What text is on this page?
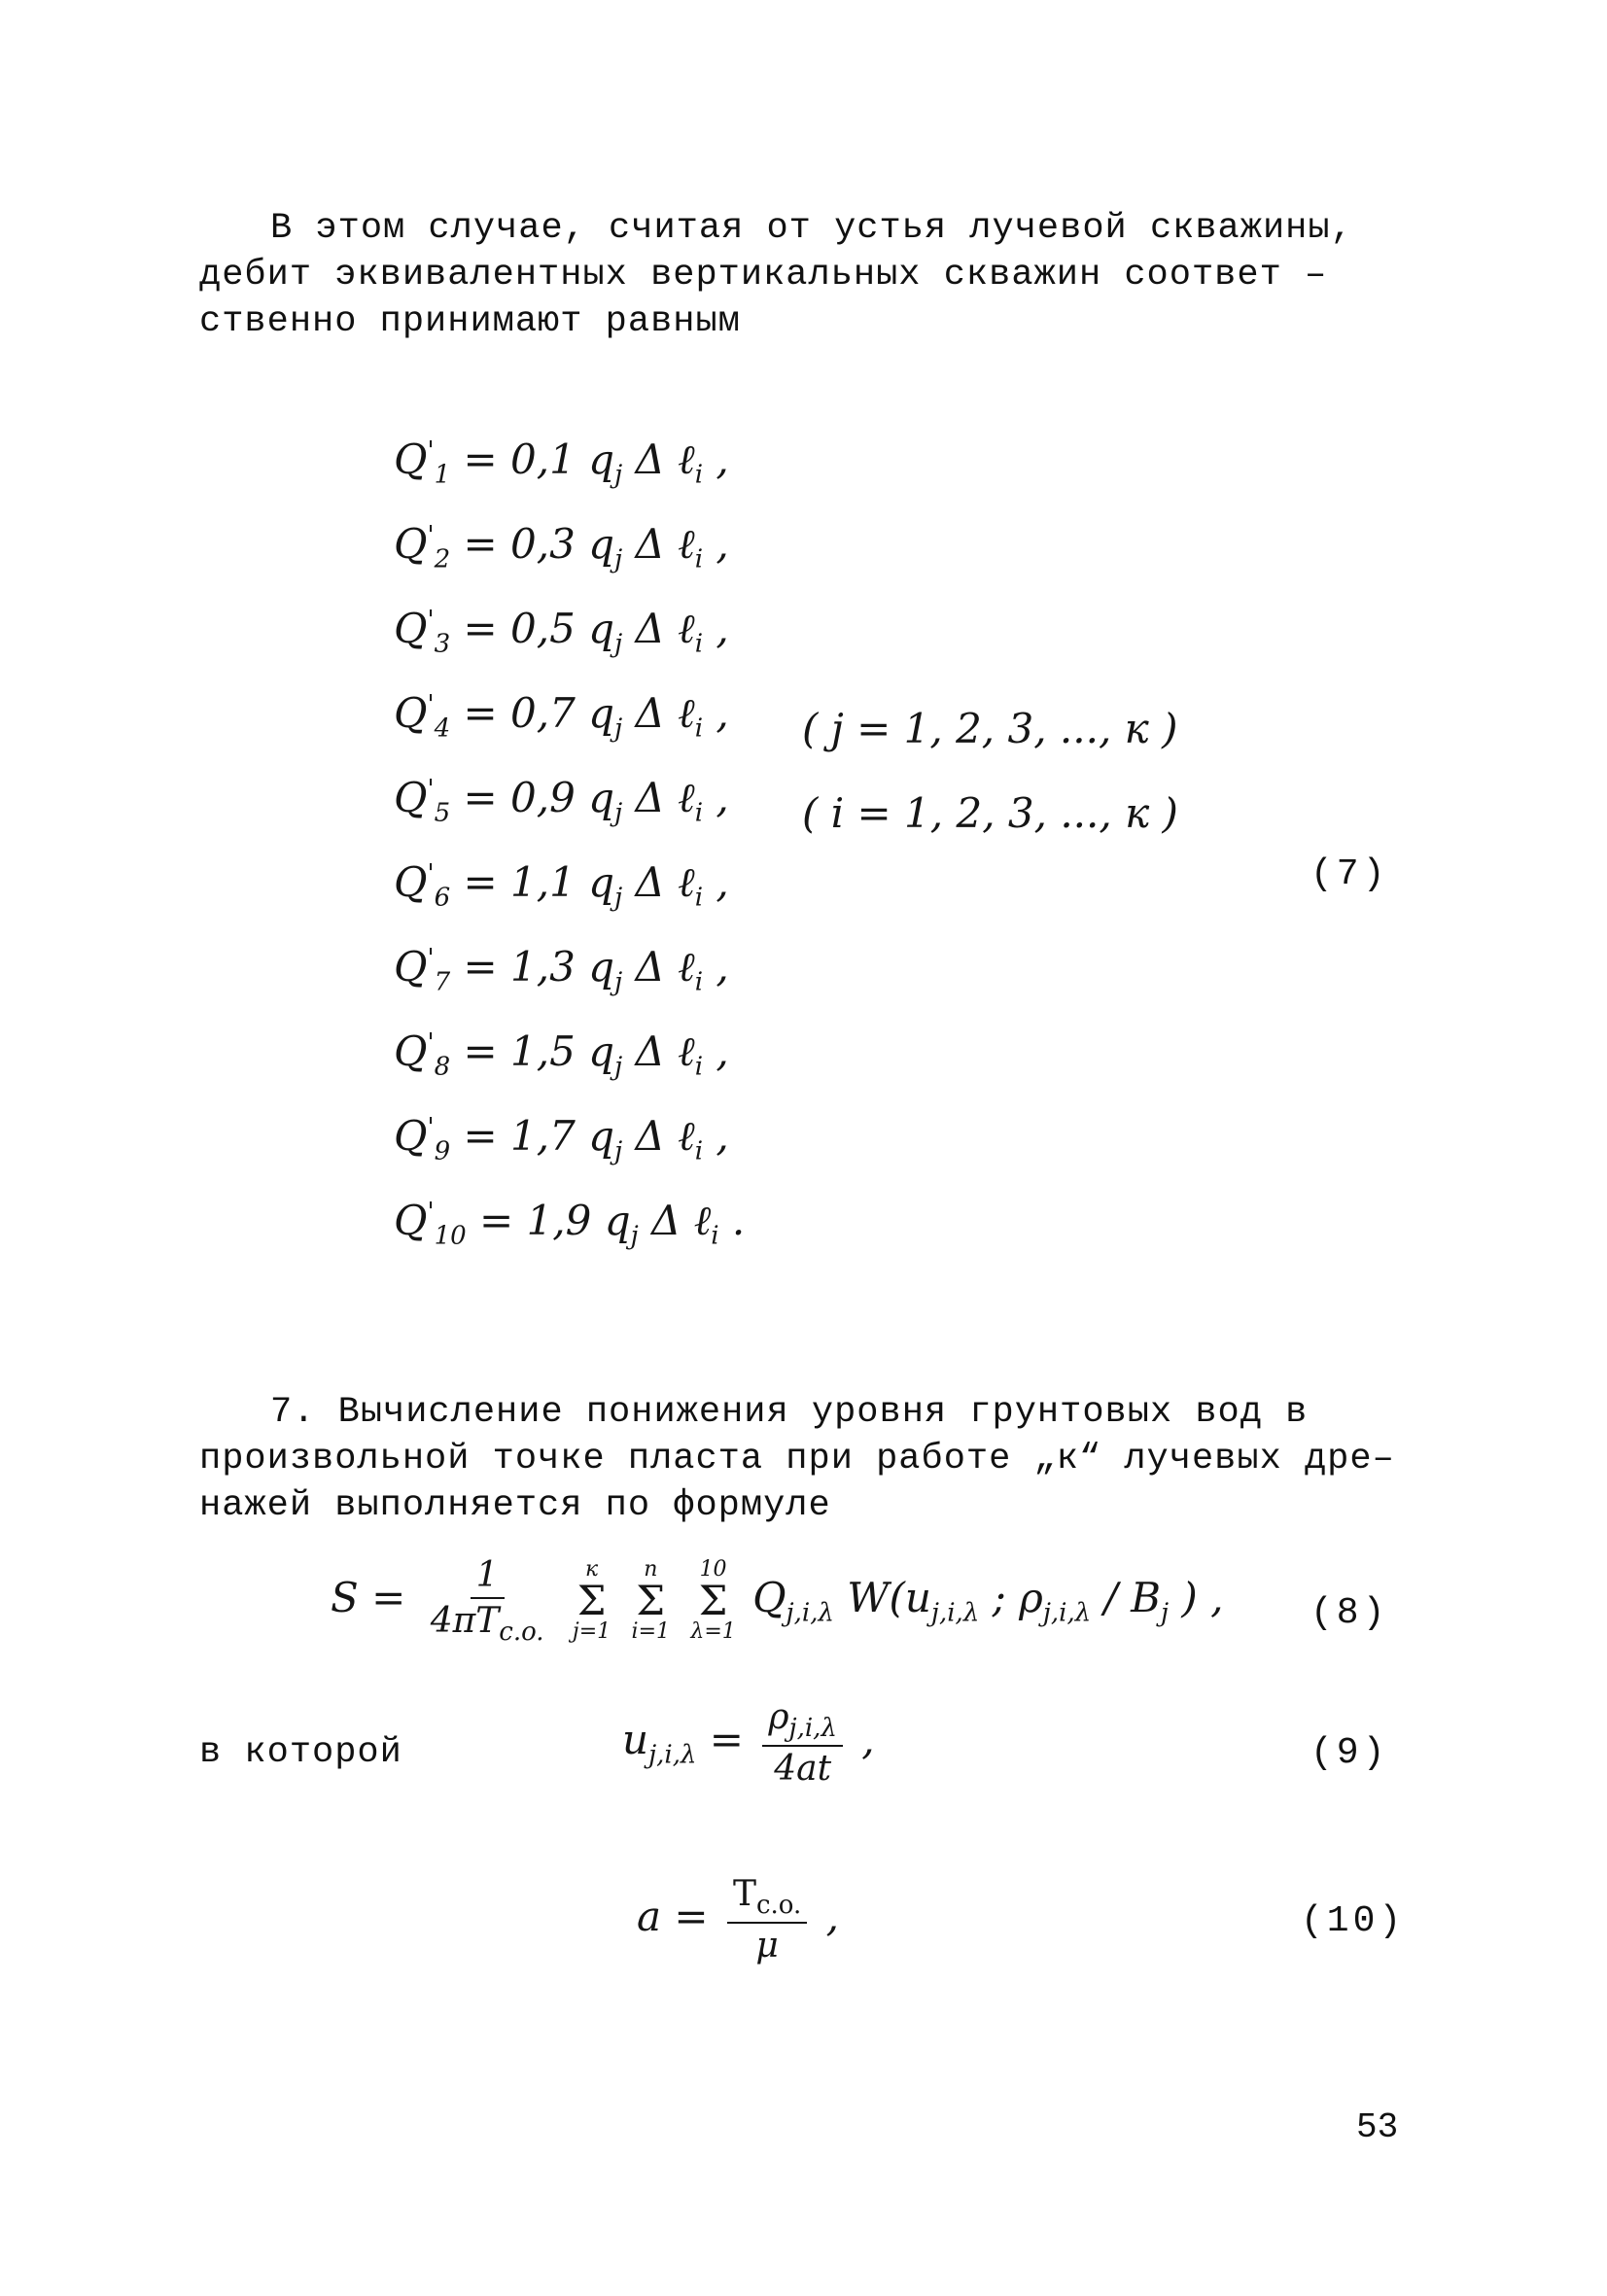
В этом случае, считая от устья лучевой скважины,
дебит эквивалентных вертикальных скважин соответ –
ственно принимают равным
$Q'_1 = 0,1$ $q_j$ Δ ℓ$_i$ ,
$Q'_2 = 0,3$ $q_j$ Δ ℓ$_i$ ,
$Q'_3 = 0,5$ $q_j$ Δ ℓ$_i$ ,
$Q'_4 = 0,7$ $q_j$ Δ ℓ$_i$ ,
$Q'_5 = 0,9$ $q_j$ Δ ℓ$_i$ ,
$Q'_6 = 1,1$ $q_j$ Δ ℓ$_i$ ,
$Q'_7 = 1,3$ $q_j$ Δ ℓ$_i$ ,
$Q'_8 = 1,5$ $q_j$ Δ ℓ$_i$ ,
$Q'_9 = 1,7$ $q_j$ Δ ℓ$_i$ ,
$Q'_{10} = 1,9$ $q_j$ Δ ℓ$_i$ .
( j = 1, 2, 3, ..., к )
( i = 1, 2, 3, ..., к )
(7)
7. Вычисление понижения уровня грунтовых вод в
произвольной точке пласта при работе „к“ лучевых дре–
нажей выполняется по формуле
$S = \frac{1}{4\pi T_{c.o.}}$
к
Σ
j=1

n
Σ
i=1

10
Σ
λ=1
$Q_{j,i,\lambda}$ $W(u_{j,i,\lambda}$ ; $\rho_{j,i,\lambda} / B_j$ ) , (8)
в которой	$u_{j,i,\lambda} = \frac{\rho_{j,i,\lambda}}{4at}$ ,	(9)
$a = \frac{T_{c.o.}}{\mu}$ ,	(10)
53
